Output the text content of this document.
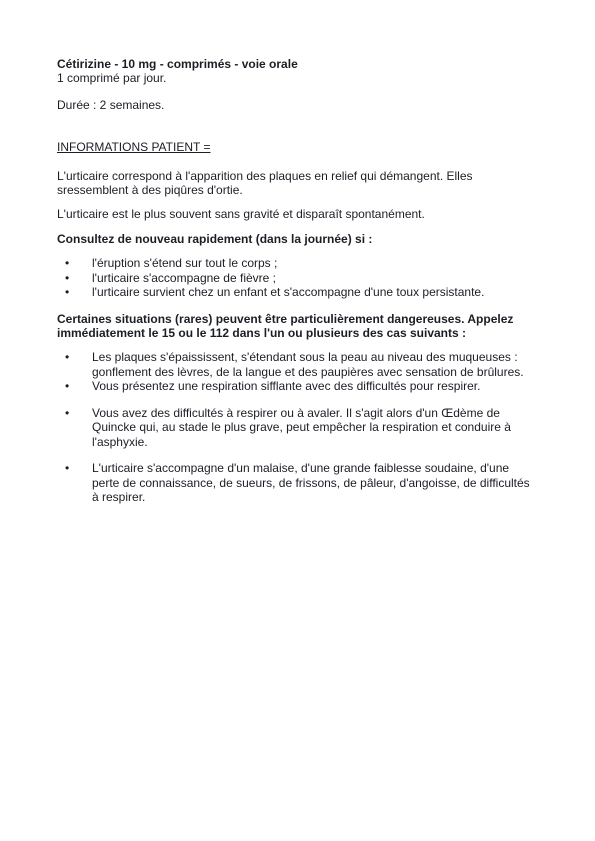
Cétirizine - 10 mg - comprimés - voie orale

1 comprimé par jour.

Durée : 2 semaines.

INFORMATIONS PATIENT =

L'urticaire correspond à l'apparition des plaques en relief qui démangent. Elles

sressemblent à des piqûres d'ortie.

L'urticaire est le plus souvent sans gravité et disparaît spontanément.

Consultez de nouveau rapidement (dans la journée) si :

•	l'éruption s'étend sur tout le corps ;
•	l'urticaire s'accompagne de fièvre ;
•	l'urticaire survient chez un enfant et s'accompagne d'une toux persistante.

Certaines situations (rares) peuvent être particulièrement dangereuses. Appelez

immédiatement le 15 ou le 112 dans l'un ou plusieurs des cas suivants :

•	Les plaques s'épaississent, s'étendant sous la peau au niveau des muqueuses :
gonflement des lèvres, de la langue et des paupières avec sensation de brûlures.
•	Vous présentez une respiration sifflante avec des difficultés pour respirer.
•	Vous avez des difficultés à respirer ou à avaler. Il s'agit alors d'un Œdème de
Quincke qui, au stade le plus grave, peut empêcher la respiration et conduire à
l'asphyxie.
•	L'urticaire s'accompagne d'un malaise, d'une grande faiblesse soudaine, d'une
perte de connaissance, de sueurs, de frissons, de pâleur, d'angoisse, de difficultés
à respirer.
